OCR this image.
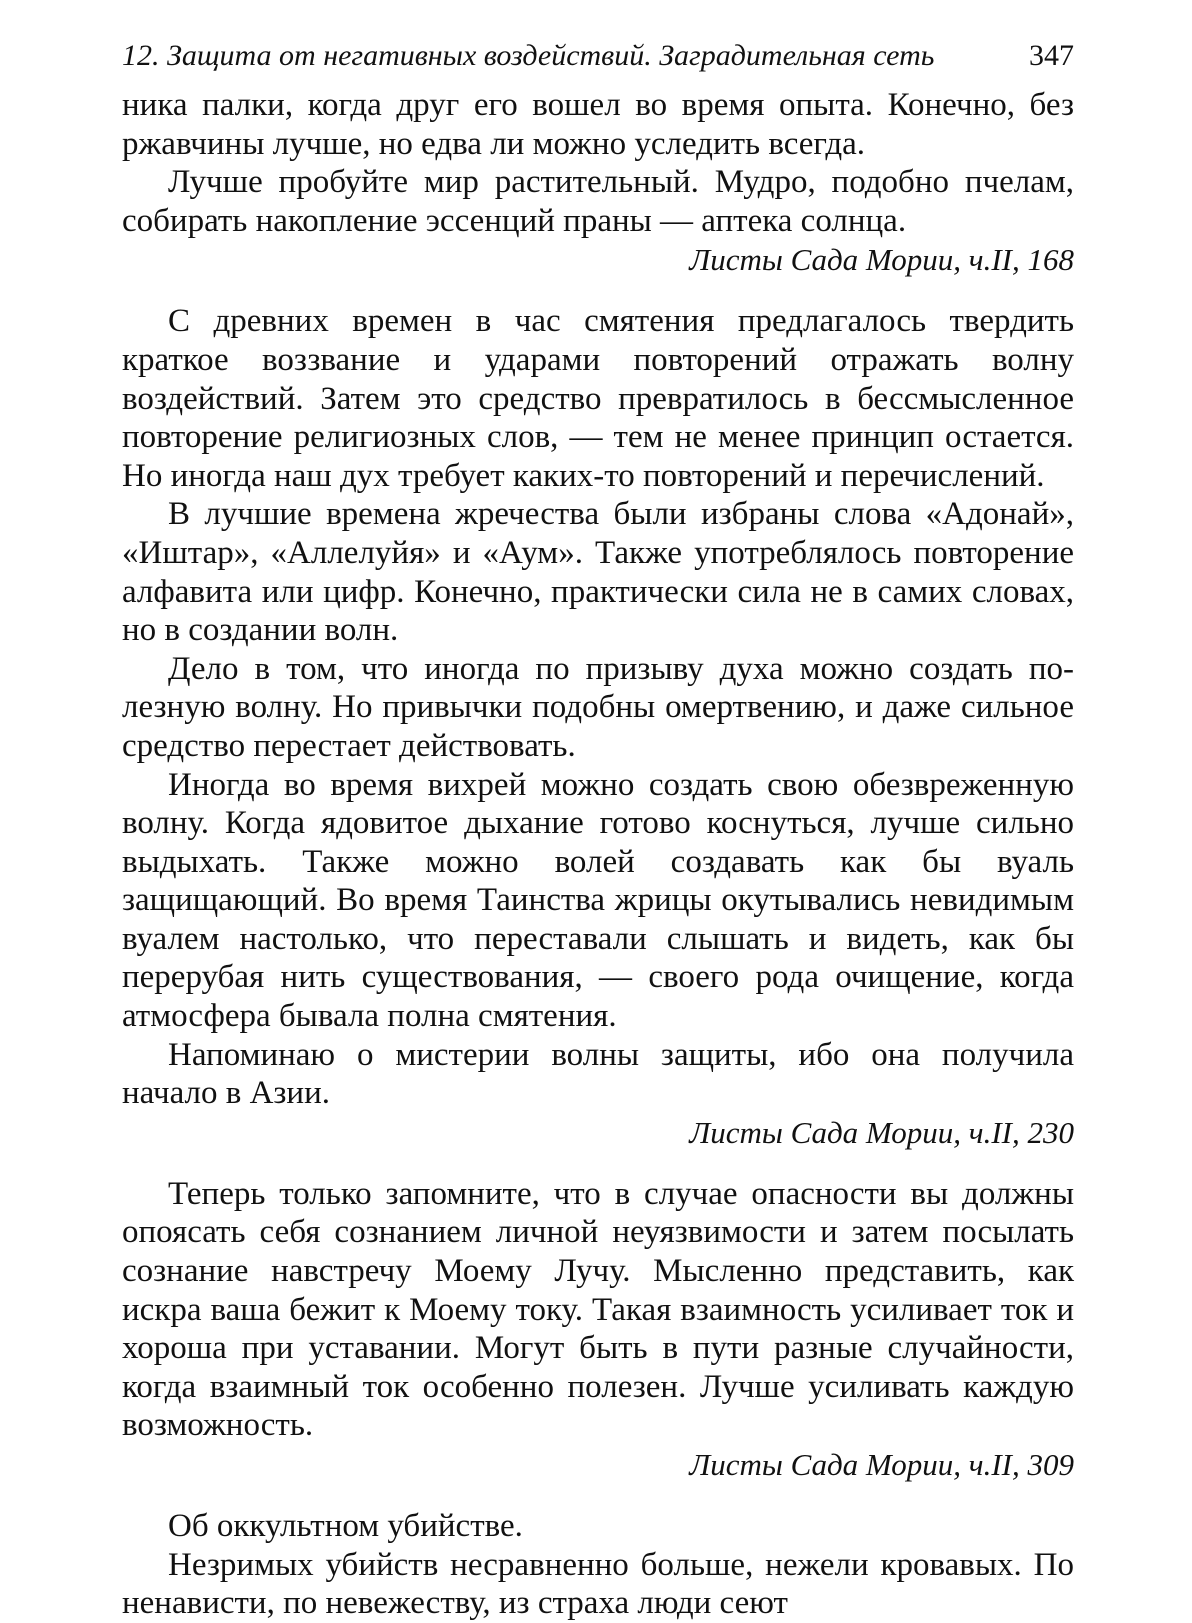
12. Защита от негативных воздействий. Заградительная сеть	347

ника палки, когда друг его вошел во время опыта. Конечно, без ржавчины лучше, но едва ли можно уследить всегда.

Лучше пробуйте мир растительный. Мудро, подобно пчелам, собирать накопление эссенций праны — аптека солнца.

Листы Сада Мории, ч.II, 168

С древних времен в час смятения предлагалось твердить краткое воззвание и ударами повторений отражать волну воздействий. Затем это средство превратилось в бессмысленное повторение религиозных слов, — тем не менее принцип остается. Но иногда наш дух требует каких-то повторений и перечислений.

В лучшие времена жречества были избраны слова «Адонай», «Иштар», «Аллелуйя» и «Аум». Также употреблялось повторение алфавита или цифр. Конечно, практически сила не в самих словах, но в создании волн.

Дело в том, что иногда по призыву духа можно создать полезную волну. Но привычки подобны омертвению, и даже сильное средство перестает действовать.

Иногда во время вихрей можно создать свою обезвреженную волну. Когда ядовитое дыхание готово коснуться, лучше сильно выдыхать. Также можно волей создавать как бы вуаль защищающий. Во время Таинства жрицы окутывались невидимым вуалем настолько, что переставали слышать и видеть, как бы перерубая нить существования, — своего рода очищение, когда атмосфера бывала полна смятения.

Напоминаю о мистерии волны защиты, ибо она получила начало в Азии.

Листы Сада Мории, ч.II, 230

Теперь только запомните, что в случае опасности вы должны опоясать себя сознанием личной неуязвимости и затем посылать сознание навстречу Моему Лучу. Мысленно представить, как искра ваша бежит к Моему току. Такая взаимность усиливает ток и хороша при уставании. Могут быть в пути разные случайности, когда взаимный ток особенно полезен. Лучше усиливать каждую возможность.

Листы Сада Мории, ч.II, 309

Об оккультном убийстве.

Незримых убийств несравненно больше, нежели кровавых. По ненависти, по невежеству, из страха люди сеют
